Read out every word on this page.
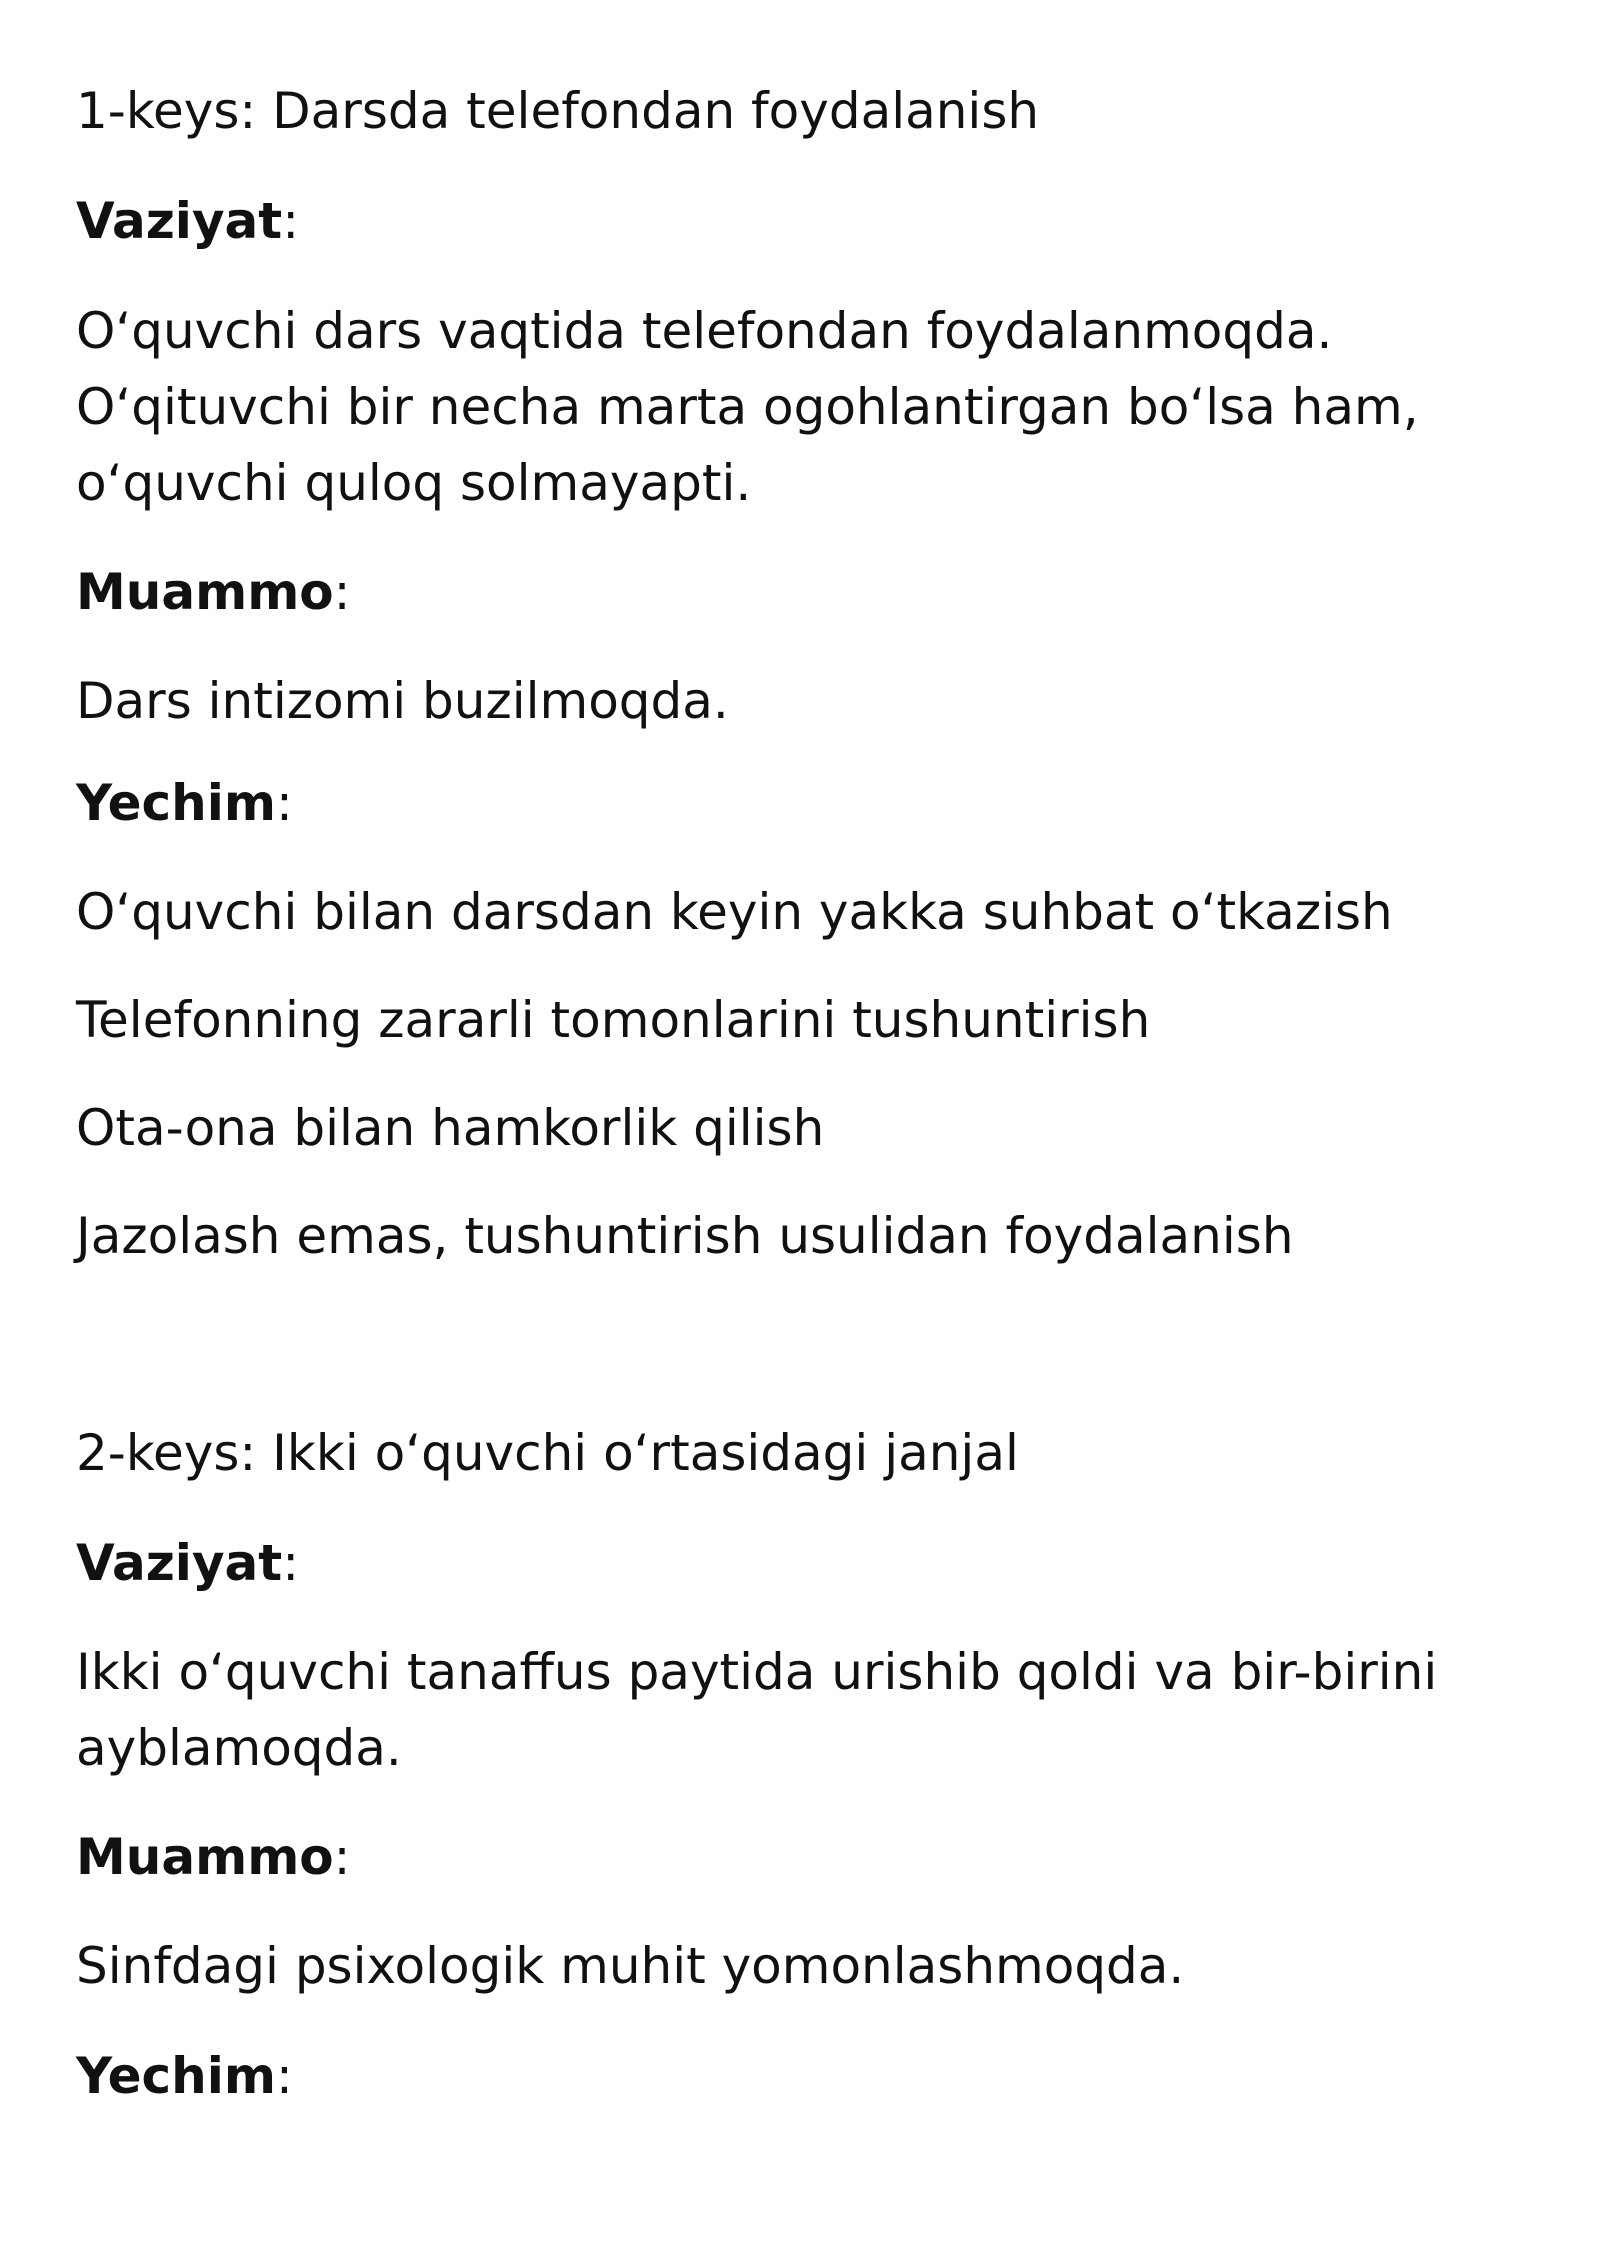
1-keys: Darsda telefondan foydalanish

Vaziyat:

O‘quvchi dars vaqtida telefondan foydalanmoqda.

O‘qituvchi bir necha marta ogohlantirgan bo‘lsa ham,

o‘quvchi quloq solmayapti.

Muammo:

Dars intizomi buzilmoqda.

Yechim:

O‘quvchi bilan darsdan keyin yakka suhbat o‘tkazish

Telefonning zararli tomonlarini tushuntirish

Ota-ona bilan hamkorlik qilish

Jazolash emas, tushuntirish usulidan foydalanish

2-keys: Ikki o‘quvchi o‘rtasidagi janjal

Vaziyat:

Ikki o‘quvchi tanaffus paytida urishib qoldi va bir-birini

ayblamoqda.

Muammo:

Sinfdagi psixologik muhit yomonlashmoqda.

Yechim:
